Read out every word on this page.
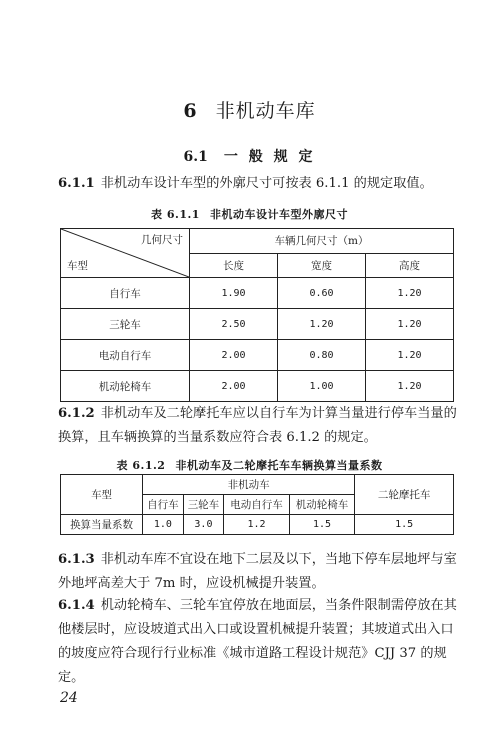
6 非机动车库
6.1 一 般 规 定

6.1.1 非机动车设计车型的外廓尺寸可按表 6.1.1 的规定取值。

表 6.1.1 非机动车设计车型外廓尺寸
几何尺寸
车型	车辆几何尺寸（m）		
	长度	宽度	高度
自行车	1.90	0.60	1.20
三轮车	2.50	1.20	1.20
电动自行车	2.00	0.80	1.20
机动轮椅车	2.00	1.00	1.20

6.1.2 非机动车及二轮摩托车应以自行车为计算当量进行停车当量的换算，且车辆换算的当量系数应符合表 6.1.2 的规定。

表 6.1.2 非机动车及二轮摩托车车辆换算当量系数
车型	非机动车				二轮摩托车
	自行车	三轮车	电动自行车	机动轮椅车	
换算当量系数	1.0	3.0	1.2	1.5	1.5

6.1.3 非机动车库不宜设在地下二层及以下，当地下停车层地坪与室外地坪高差大于 7m 时，应设机械提升装置。

6.1.4 机动轮椅车、三轮车宜停放在地面层，当条件限制需停放在其他楼层时，应设坡道式出入口或设置机械提升装置；其坡道式出入口的坡度应符合现行行业标准《城市道路工程设计规范》CJJ 37 的规定。

24
